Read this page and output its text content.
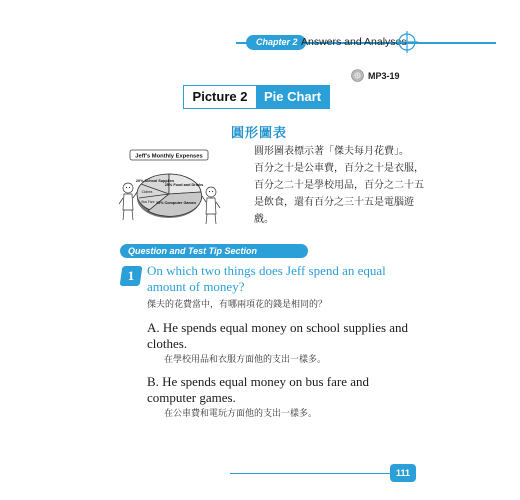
Chapter 2 Answers and Analyses
MP3-19
Picture 2	Pie Chart
圓形圖表
Jeff's Monthly Expenses
20% School Supplies
25% Food and Drinks
35% Computer Games
Clothes
Bus Fare
圓形圖表標示著「傑夫每月花費」。
百分之十是公車費，百分之十是衣服，
百分之二十是學校用品，百分之二十五
是飲食，還有百分之三十五是電腦遊
戲。
Question and Test Tip Section
1 On which two things does Jeff spend an equal amount of money?
傑夫的花費當中，有哪兩項花的錢是相同的？
A. He spends equal money on school supplies and clothes.
在學校用品和衣服方面他的支出一樣多。
B. He spends equal money on bus fare and computer games.
在公車費和電玩方面他的支出一樣多。
111
